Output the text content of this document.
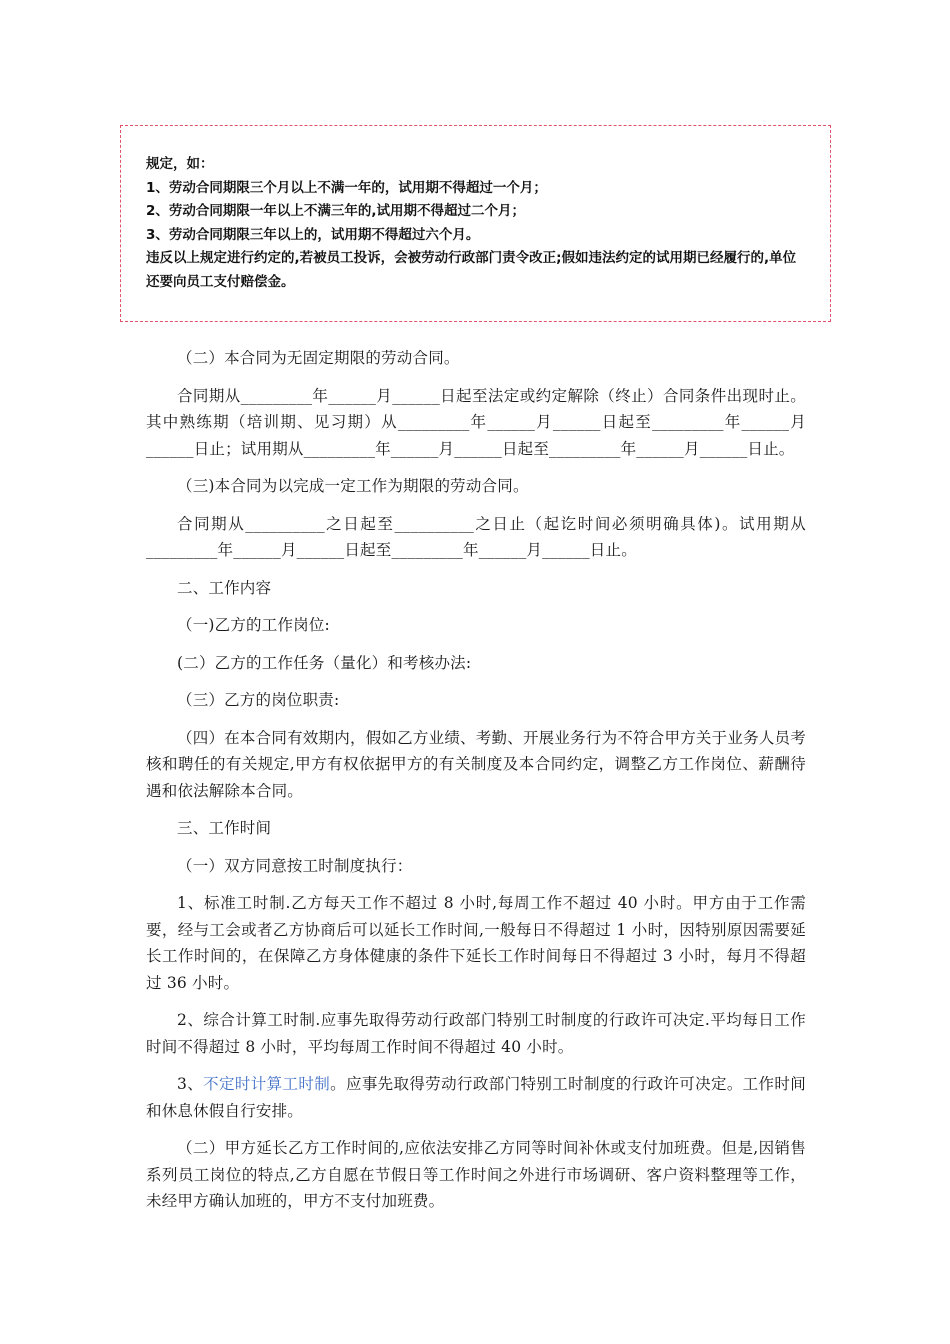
规定，如：

1、劳动合同期限三个月以上不满一年的，试用期不得超过一个月；

2、劳动合同期限一年以上不满三年的,试用期不得超过二个月；

3、劳动合同期限三年以上的，试用期不得超过六个月。

违反以上规定进行约定的,若被员工投诉，会被劳动行政部门责令改正;假如违法约定的试用期已经履行的,单位还要向员工支付赔偿金。

（二）本合同为无固定期限的劳动合同。

合同期从_________年______月______日起至法定或约定解除（终止）合同条件出现时止。其中熟练期（培训期、见习期）从_________年______月______日起至_________年______月______日止；试用期从_________年______月______日起至_________年______月______日止。

（三)本合同为以完成一定工作为期限的劳动合同。

合同期从__________之日起至__________之日止（起讫时间必须明确具体)。试用期从_________年______月______日起至_________年______月______日止。

二、工作内容

（一)乙方的工作岗位:

(二）乙方的工作任务（量化）和考核办法:

（三）乙方的岗位职责:

（四）在本合同有效期内，假如乙方业绩、考勤、开展业务行为不符合甲方关于业务人员考核和聘任的有关规定,甲方有权依据甲方的有关制度及本合同约定，调整乙方工作岗位、薪酬待遇和依法解除本合同。

三、工作时间

（一）双方同意按工时制度执行：

1、标准工时制.乙方每天工作不超过 8 小时,每周工作不超过 40 小时。甲方由于工作需要，经与工会或者乙方协商后可以延长工作时间,一般每日不得超过 1 小时，因特别原因需要延长工作时间的，在保障乙方身体健康的条件下延长工作时间每日不得超过 3 小时，每月不得超过 36 小时。

2、综合计算工时制.应事先取得劳动行政部门特别工时制度的行政许可决定.平均每日工作时间不得超过 8 小时，平均每周工作时间不得超过 40 小时。

3、不定时计算工时制。应事先取得劳动行政部门特别工时制度的行政许可决定。工作时间和休息休假自行安排。

（二）甲方延长乙方工作时间的,应依法安排乙方同等时间补休或支付加班费。但是,因销售系列员工岗位的特点,乙方自愿在节假日等工作时间之外进行市场调研、客户资料整理等工作，未经甲方确认加班的，甲方不支付加班费。
